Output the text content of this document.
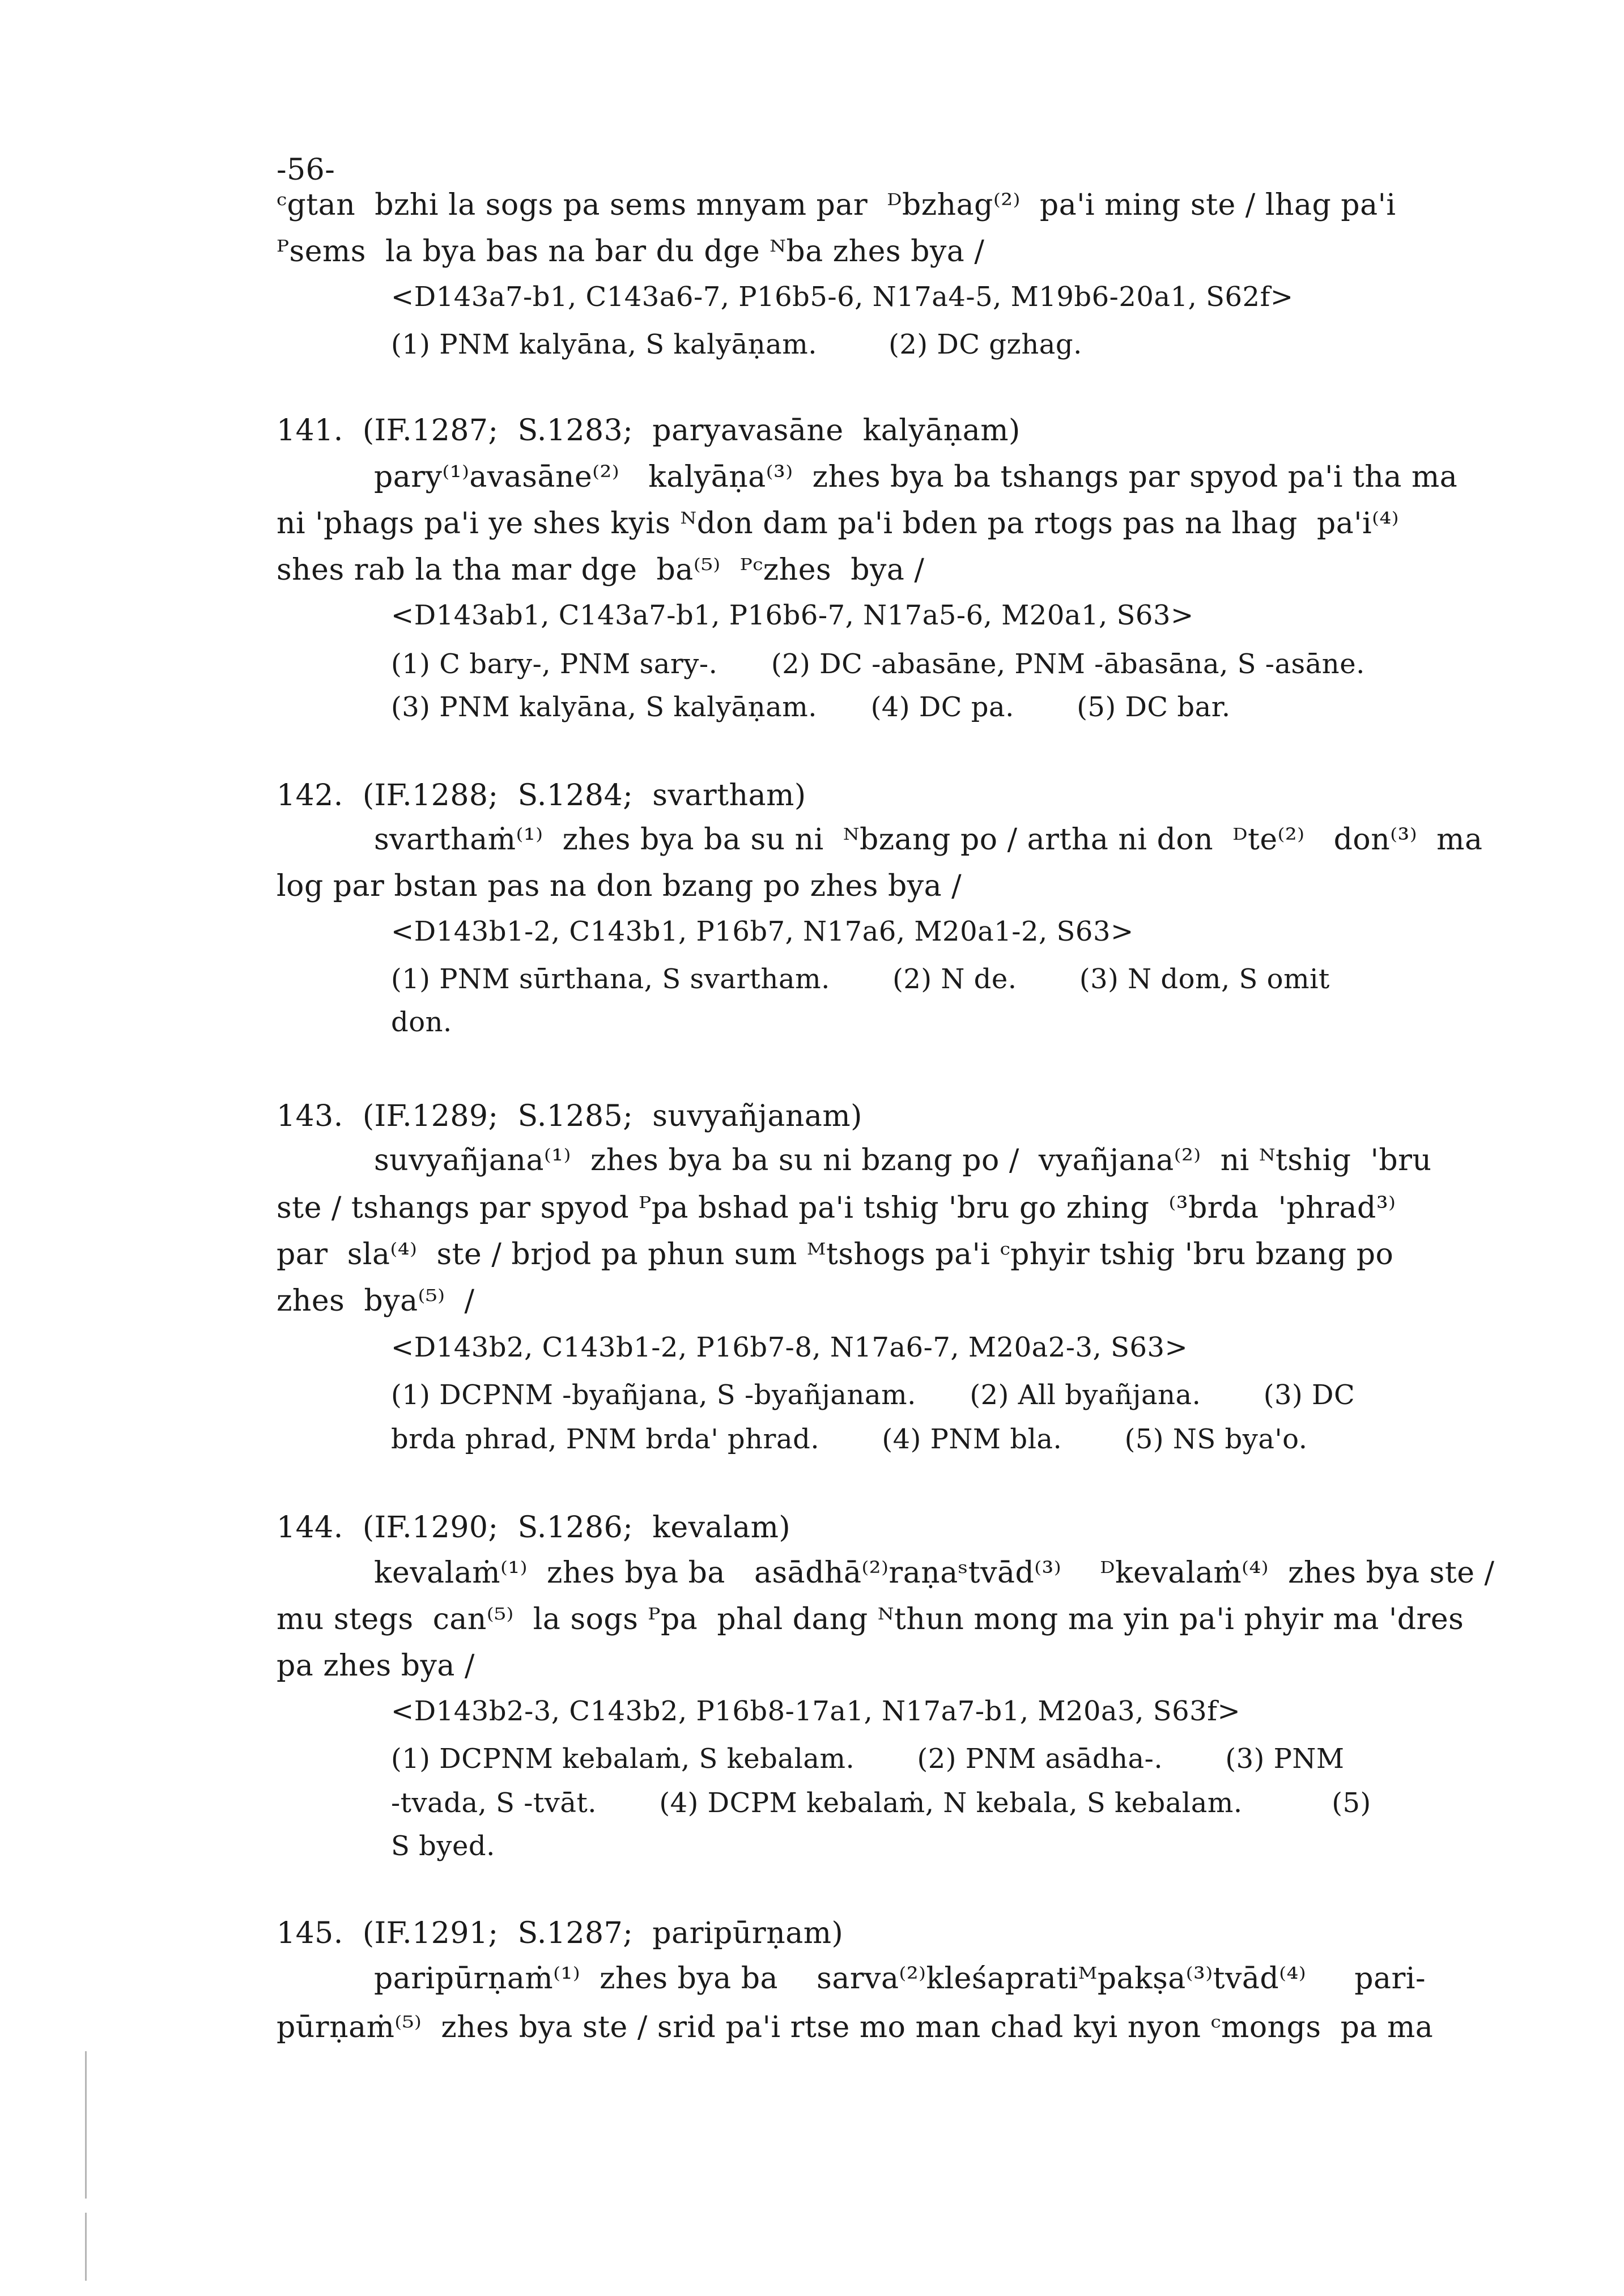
-56-
ᶜgtan  bzhi la sogs pa sems mnyam par  ᴰbzhag⁽²⁾  pa'i ming ste / lhag pa'i
ᴾsems  la bya bas na bar du dge ᴺba zhes bya /
<D143a7-b1, C143a6-7, P16b5-6, N17a4-5, M19b6-20a1, S62f>
(1) PNM kalyāna, S kalyāṇam.        (2) DC gzhag.
141.  (IF.1287;  S.1283;  paryavasāne  kalyāṇam)
pary⁽¹⁾avasāne⁽²⁾   kalyāṇa⁽³⁾  zhes bya ba tshangs par spyod pa'i tha ma
ni 'phags pa'i ye shes kyis ᴺdon dam pa'i bden pa rtogs pas na lhag  pa'i⁽⁴⁾
shes rab la tha mar dge  ba⁽⁵⁾  ᴾᶜzhes  bya /
<D143ab1, C143a7-b1, P16b6-7, N17a5-6, M20a1, S63>
(1) C bary-, PNM sary-.      (2) DC -abasāne, PNM -ābasāna, S -asāne.
(3) PNM kalyāna, S kalyāṇam.      (4) DC pa.       (5) DC bar.
142.  (IF.1288;  S.1284;  svartham)
svarthaṁ⁽¹⁾  zhes bya ba su ni  ᴺbzang po / artha ni don  ᴰte⁽²⁾   don⁽³⁾  ma
log par bstan pas na don bzang po zhes bya /
<D143b1-2, C143b1, P16b7, N17a6, M20a1-2, S63>
(1) PNM sūrthana, S svartham.       (2) N de.       (3) N dom, S omit
don.
143.  (IF.1289;  S.1285;  suvyañjanam)
suvyañjana⁽¹⁾  zhes bya ba su ni bzang po /  vyañjana⁽²⁾  ni ᴺtshig  'bru
ste / tshangs par spyod ᴾpa bshad pa'i tshig 'bru go zhing  ⁽³brda  'phrad³⁾
par  sla⁽⁴⁾  ste / brjod pa phun sum ᴹtshogs pa'i ᶜphyir tshig 'bru bzang po
zhes  bya⁽⁵⁾  /
<D143b2, C143b1-2, P16b7-8, N17a6-7, M20a2-3, S63>
(1) DCPNM -byañjana, S -byañjanam.      (2) All byañjana.       (3) DC
brda phrad, PNM brda' phrad.       (4) PNM bla.       (5) NS bya'o.
144.  (IF.1290;  S.1286;  kevalam)
kevalaṁ⁽¹⁾  zhes bya ba   asādhā⁽²⁾raṇaˢtvād⁽³⁾    ᴰkevalaṁ⁽⁴⁾  zhes bya ste /
mu stegs  can⁽⁵⁾  la sogs ᴾpa  phal dang ᴺthun mong ma yin pa'i phyir ma 'dres
pa zhes bya /
<D143b2-3, C143b2, P16b8-17a1, N17a7-b1, M20a3, S63f>
(1) DCPNM kebalaṁ, S kebalam.       (2) PNM asādha-.       (3) PNM
-tvada, S -tvāt.       (4) DCPM kebalaṁ, N kebala, S kebalam.          (5)
S byed.
145.  (IF.1291;  S.1287;  paripūrṇam)
paripūrṇaṁ⁽¹⁾  zhes bya ba    sarva⁽²⁾kleśapratiᴹpakṣa⁽³⁾tvād⁽⁴⁾     pari-
pūrṇaṁ⁽⁵⁾  zhes bya ste / srid pa'i rtse mo man chad kyi nyon ᶜmongs  pa ma
